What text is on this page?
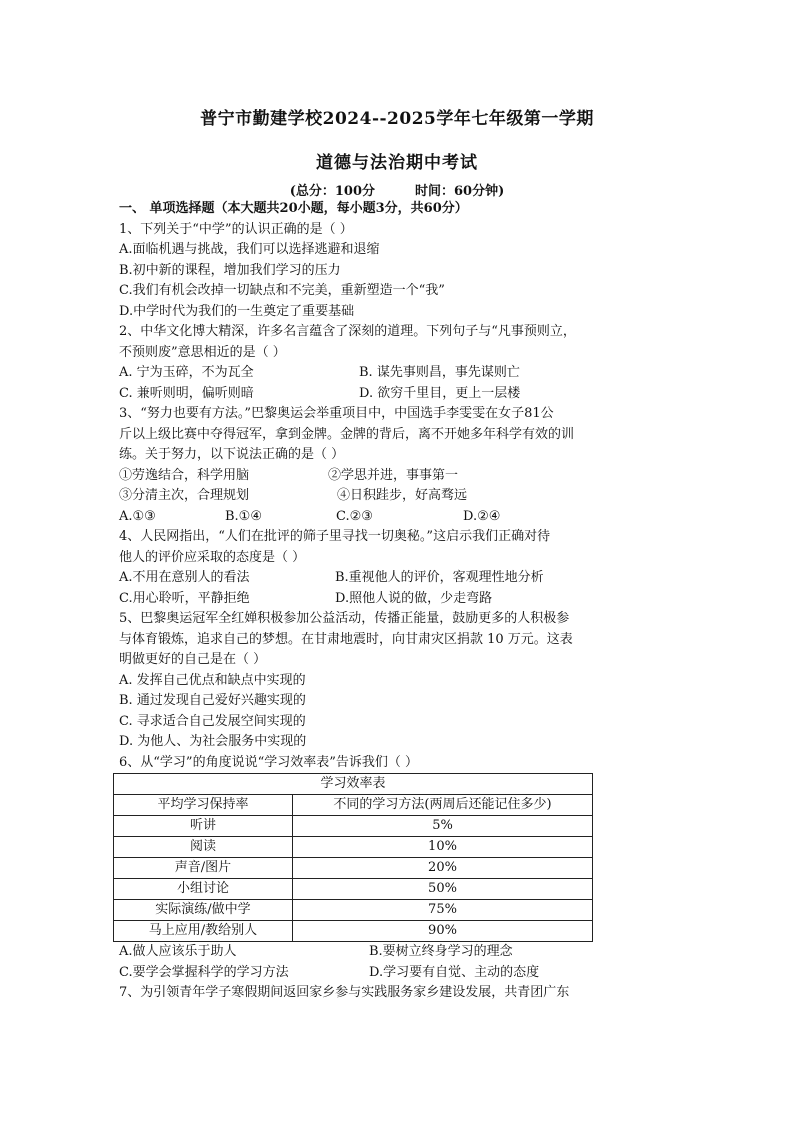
普宁市勤建学校2024--2025学年七年级第一学期
道德与法治期中考试
(总分：100分	时间：60分钟)
一、 单项选择题（本大题共20小题，每小题3分，共60分）
1、下列关于“中学”的认识正确的是（ ）
A.面临机遇与挑战，我们可以选择逃避和退缩
B.初中新的课程，增加我们学习的压力
C.我们有机会改掉一切缺点和不完美，重新塑造一个“我”
D.中学时代为我们的一生奠定了重要基础
2、中华文化博大精深，许多名言蕴含了深刻的道理。下列句子与“凡事预则立，
不预则废”意思相近的是（ ）
A. 宁为玉碎，不为瓦全	B. 谋先事则昌，事先谋则亡
C. 兼听则明，偏听则暗	D. 欲穷千里目，更上一层楼
3、“努力也要有方法。”巴黎奥运会举重项目中，中国选手李雯雯在女子81公
斤以上级比赛中夺得冠军，拿到金牌。金牌的背后，离不开她多年科学有效的训
练。关于努力，以下说法正确的是（ ）
①劳逸结合，科学用脑	②学思并进，事事第一
③分清主次，合理规划	④日积跬步，好高骛远
A.①③	B.①④	C.②③	D.②④
4、人民网指出，“人们在批评的筛子里寻找一切奥秘。”这启示我们正确对待
他人的评价应采取的态度是（ ）
A.不用在意别人的看法	B.重视他人的评价，客观理性地分析
C.用心聆听，平静拒绝	D.照他人说的做，少走弯路
5、巴黎奥运冠军全红婵积极参加公益活动，传播正能量，鼓励更多的人积极参
与体育锻炼，追求自己的梦想。在甘肃地震时，向甘肃灾区捐款 10 万元。这表
明做更好的自己是在（ ）
A. 发挥自己优点和缺点中实现的
B. 通过发现自己爱好兴趣实现的
C. 寻求适合自己发展空间实现的
D. 为他人、为社会服务中实现的
6、从“学习”的角度说说“学习效率表”告诉我们（ ）
学习效率表	
平均学习保持率	不同的学习方法(两周后还能记住多少)
听讲	5%
阅读	10%
声音/图片	20%
小组讨论	50%
实际演练/做中学	75%
马上应用/教给别人	90%
A.做人应该乐于助人	B.要树立终身学习的理念
C.要学会掌握科学的学习方法	D.学习要有自觉、主动的态度
7、为引领青年学子寒假期间返回家乡参与实践服务家乡建设发展，共青团广东
